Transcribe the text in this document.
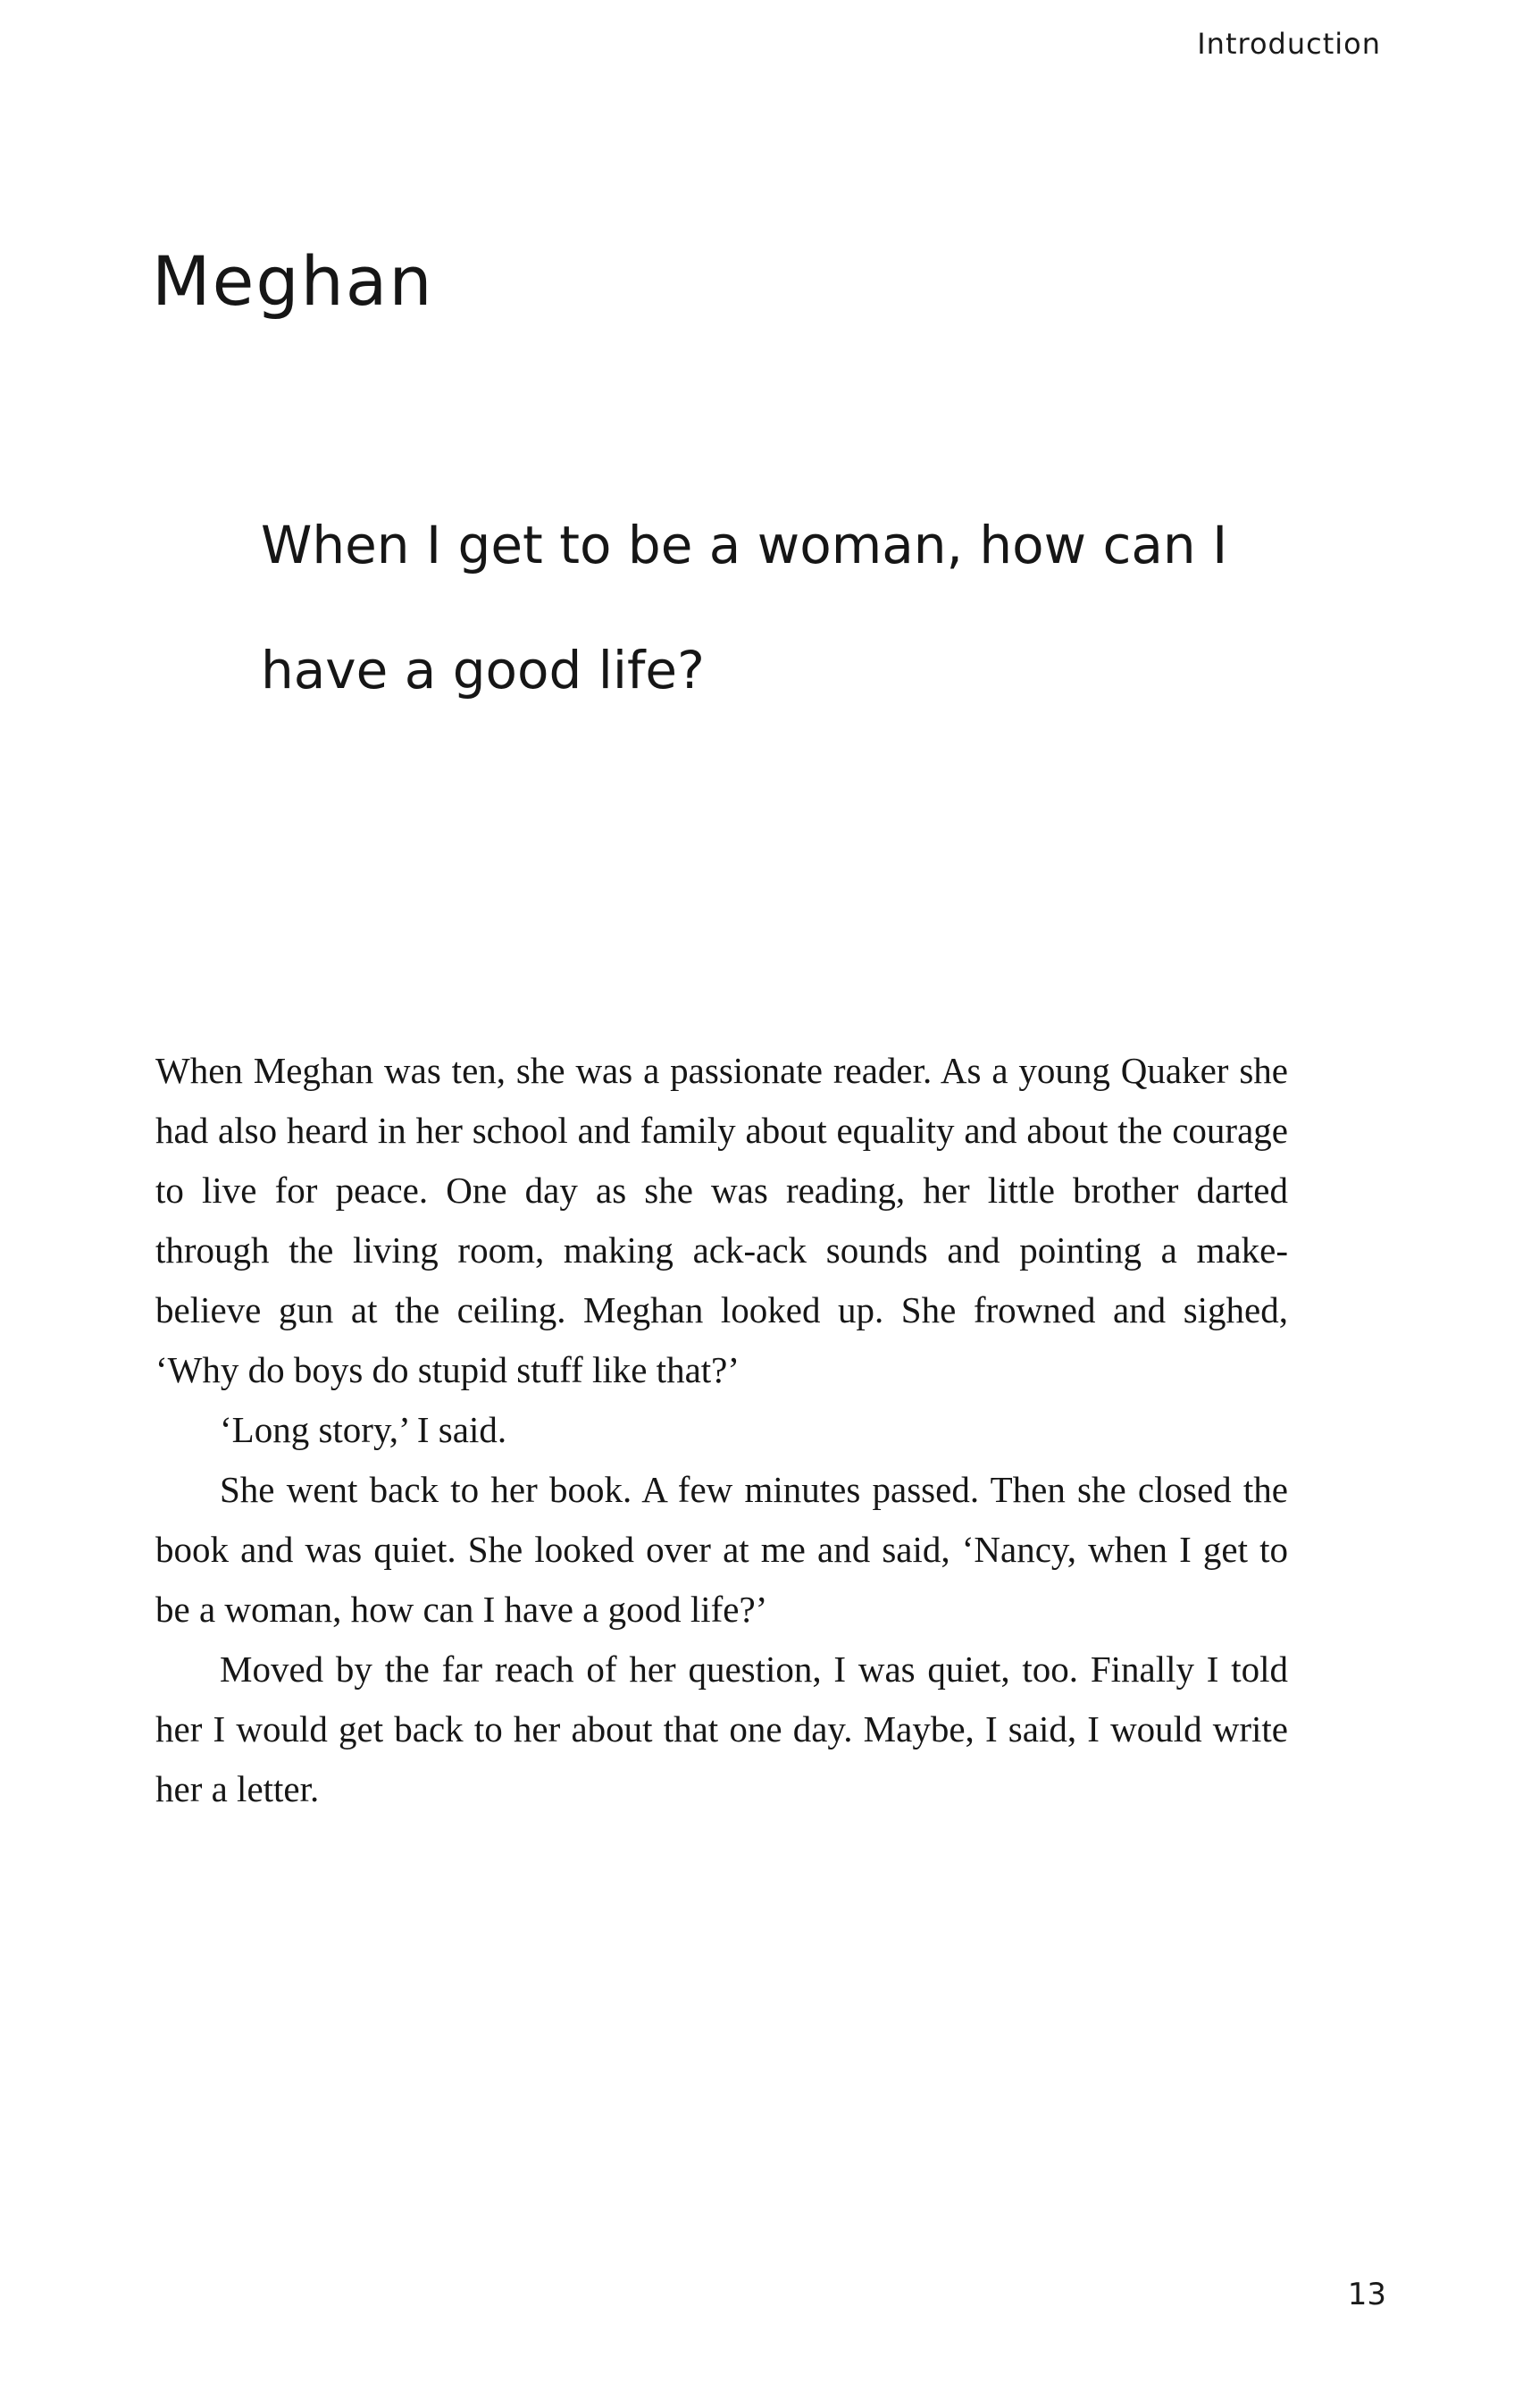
Introduction
Meghan

When I get to be a woman, how can I have a good life?

When Meghan was ten, she was a passionate reader. As a young Quaker she had also heard in her school and family about equality and about the courage to live for peace. One day as she was reading, her little brother darted through the living room, making ack-ack sounds and pointing a make-believe gun at the ceiling. Meghan looked up. She frowned and sighed, ‘Why do boys do stupid stuff like that?’

‘Long story,’ I said.

She went back to her book. A few minutes passed. Then she closed the book and was quiet. She looked over at me and said, ‘Nancy, when I get to be a woman, how can I have a good life?’

Moved by the far reach of her question, I was quiet, too. Finally I told her I would get back to her about that one day. Maybe, I said, I would write her a letter.

13
